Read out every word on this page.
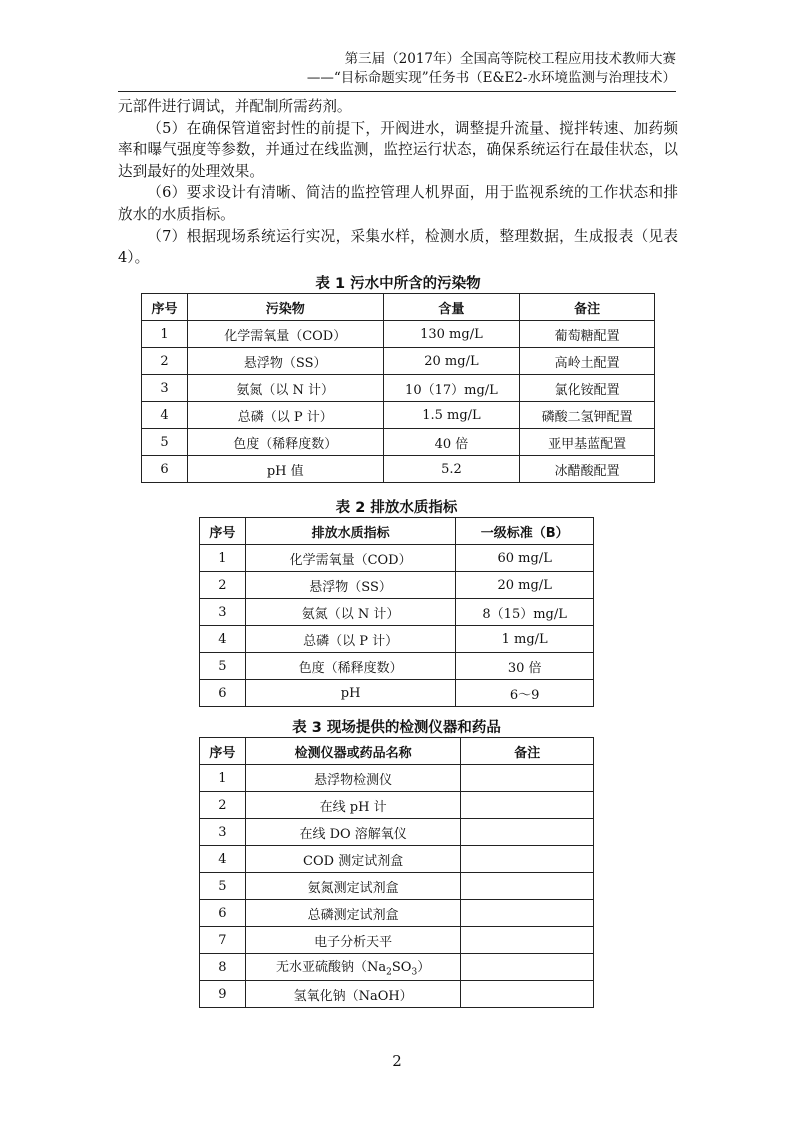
第三届（2017年）全国高等院校工程应用技术教师大赛
——“目标命题实现”任务书（E&E2-水环境监测与治理技术）

元部件进行调试，并配制所需药剂。

（5）在确保管道密封性的前提下，开阀进水，调整提升流量、搅拌转速、加药频率和曝气强度等参数，并通过在线监测，监控运行状态，确保系统运行在最佳状态，以达到最好的处理效果。

（6）要求设计有清晰、简洁的监控管理人机界面，用于监视系统的工作状态和排放水的水质指标。

（7）根据现场系统运行实况，采集水样，检测水质，整理数据，生成报表（见表4）。

表 1 污水中所含的污染物
序号	污染物	含量	备注
1	化学需氧量（COD）	130 mg/L	葡萄糖配置
2	悬浮物（SS）	20 mg/L	高岭土配置
3	氨氮（以 N 计）	10（17）mg/L	氯化铵配置
4	总磷（以 P 计）	1.5 mg/L	磷酸二氢钾配置
5	色度（稀释度数）	40 倍	亚甲基蓝配置
6	pH 值	5.2	冰醋酸配置
表 2 排放水质指标
序号	排放水质指标	一级标准（B）
1	化学需氧量（COD）	60 mg/L
2	悬浮物（SS）	20 mg/L
3	氨氮（以 N 计）	8（15）mg/L
4	总磷（以 P 计）	1 mg/L
5	色度（稀释度数）	30 倍
6	pH	6～9
表 3 现场提供的检测仪器和药品
序号	检测仪器或药品名称	备注
1	悬浮物检测仪	
2	在线 pH 计	
3	在线 DO 溶解氧仪	
4	COD 测定试剂盒	
5	氨氮测定试剂盒	
6	总磷测定试剂盒	
7	电子分析天平	
8	无水亚硫酸钠$(Na_2SO_3)$	
9	氢氧化钠（NaOH）	
2
